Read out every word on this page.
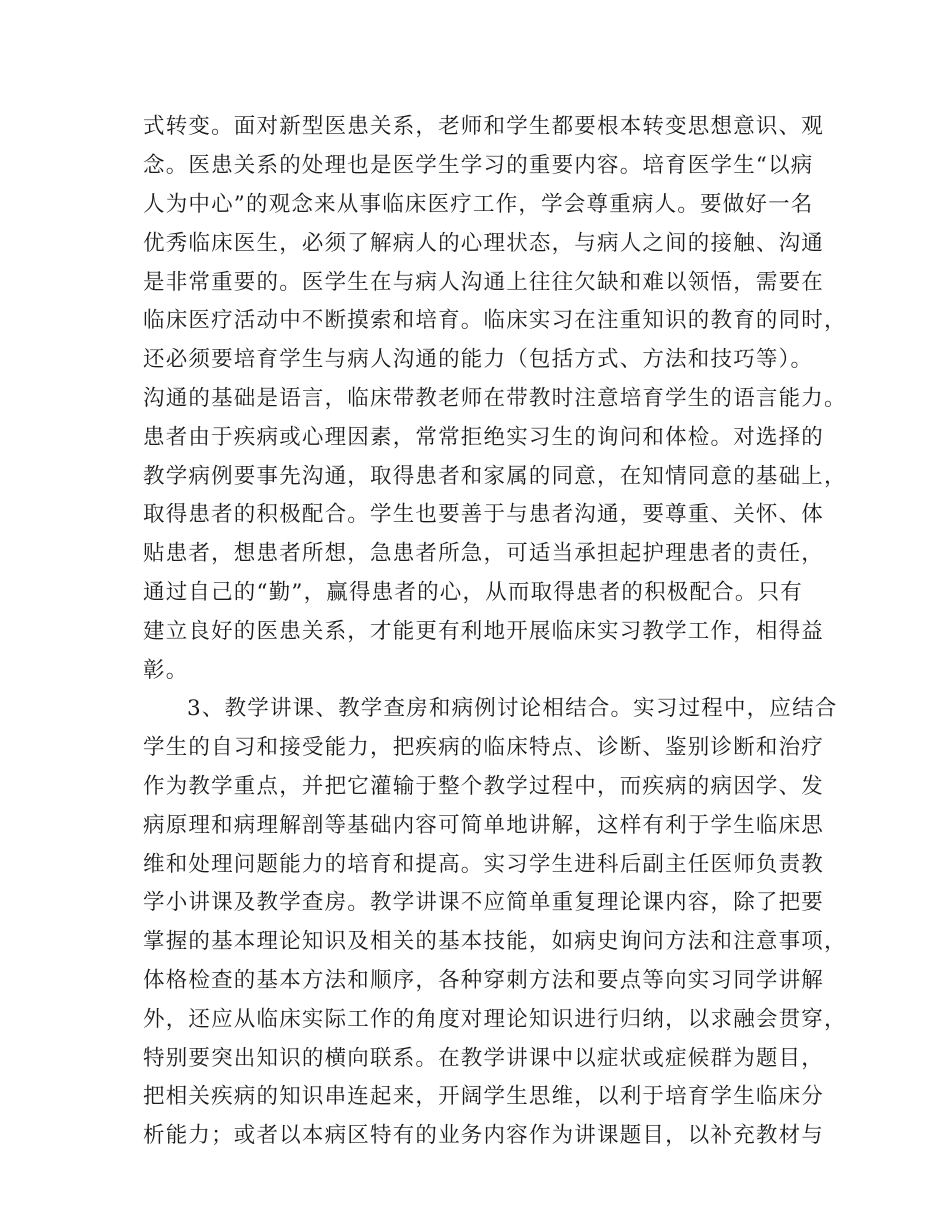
式转变。面对新型医患关系，老师和学生都要根本转变思想意识、观
念。医患关系的处理也是医学生学习的重要内容。培育医学生“以病
人为中心”的观念来从事临床医疗工作，学会尊重病人。要做好一名
优秀临床医生，必须了解病人的心理状态，与病人之间的接触、沟通
是非常重要的。医学生在与病人沟通上往往欠缺和难以领悟，需要在
临床医疗活动中不断摸索和培育。临床实习在注重知识的教育的同时，
还必须要培育学生与病人沟通的能力（包括方式、方法和技巧等）。
沟通的基础是语言，临床带教老师在带教时注意培育学生的语言能力。
患者由于疾病或心理因素，常常拒绝实习生的询问和体检。对选择的
教学病例要事先沟通，取得患者和家属的同意，在知情同意的基础上，
取得患者的积极配合。学生也要善于与患者沟通，要尊重、关怀、体
贴患者，想患者所想，急患者所急，可适当承担起护理患者的责任，
通过自己的“勤”，赢得患者的心，从而取得患者的积极配合。只有
建立良好的医患关系，才能更有利地开展临床实习教学工作，相得益
彰。
3、教学讲课、教学查房和病例讨论相结合。实习过程中，应结合
学生的自习和接受能力，把疾病的临床特点、诊断、鉴别诊断和治疗
作为教学重点，并把它灌输于整个教学过程中，而疾病的病因学、发
病原理和病理解剖等基础内容可简单地讲解，这样有利于学生临床思
维和处理问题能力的培育和提高。实习学生进科后副主任医师负责教
学小讲课及教学查房。教学讲课不应简单重复理论课内容，除了把要
掌握的基本理论知识及相关的基本技能，如病史询问方法和注意事项，
体格检查的基本方法和顺序，各种穿刺方法和要点等向实习同学讲解
外，还应从临床实际工作的角度对理论知识进行归纳，以求融会贯穿，
特别要突出知识的横向联系。在教学讲课中以症状或症候群为题目，
把相关疾病的知识串连起来，开阔学生思维，以利于培育学生临床分
析能力；或者以本病区特有的业务内容作为讲课题目，以补充教材与
